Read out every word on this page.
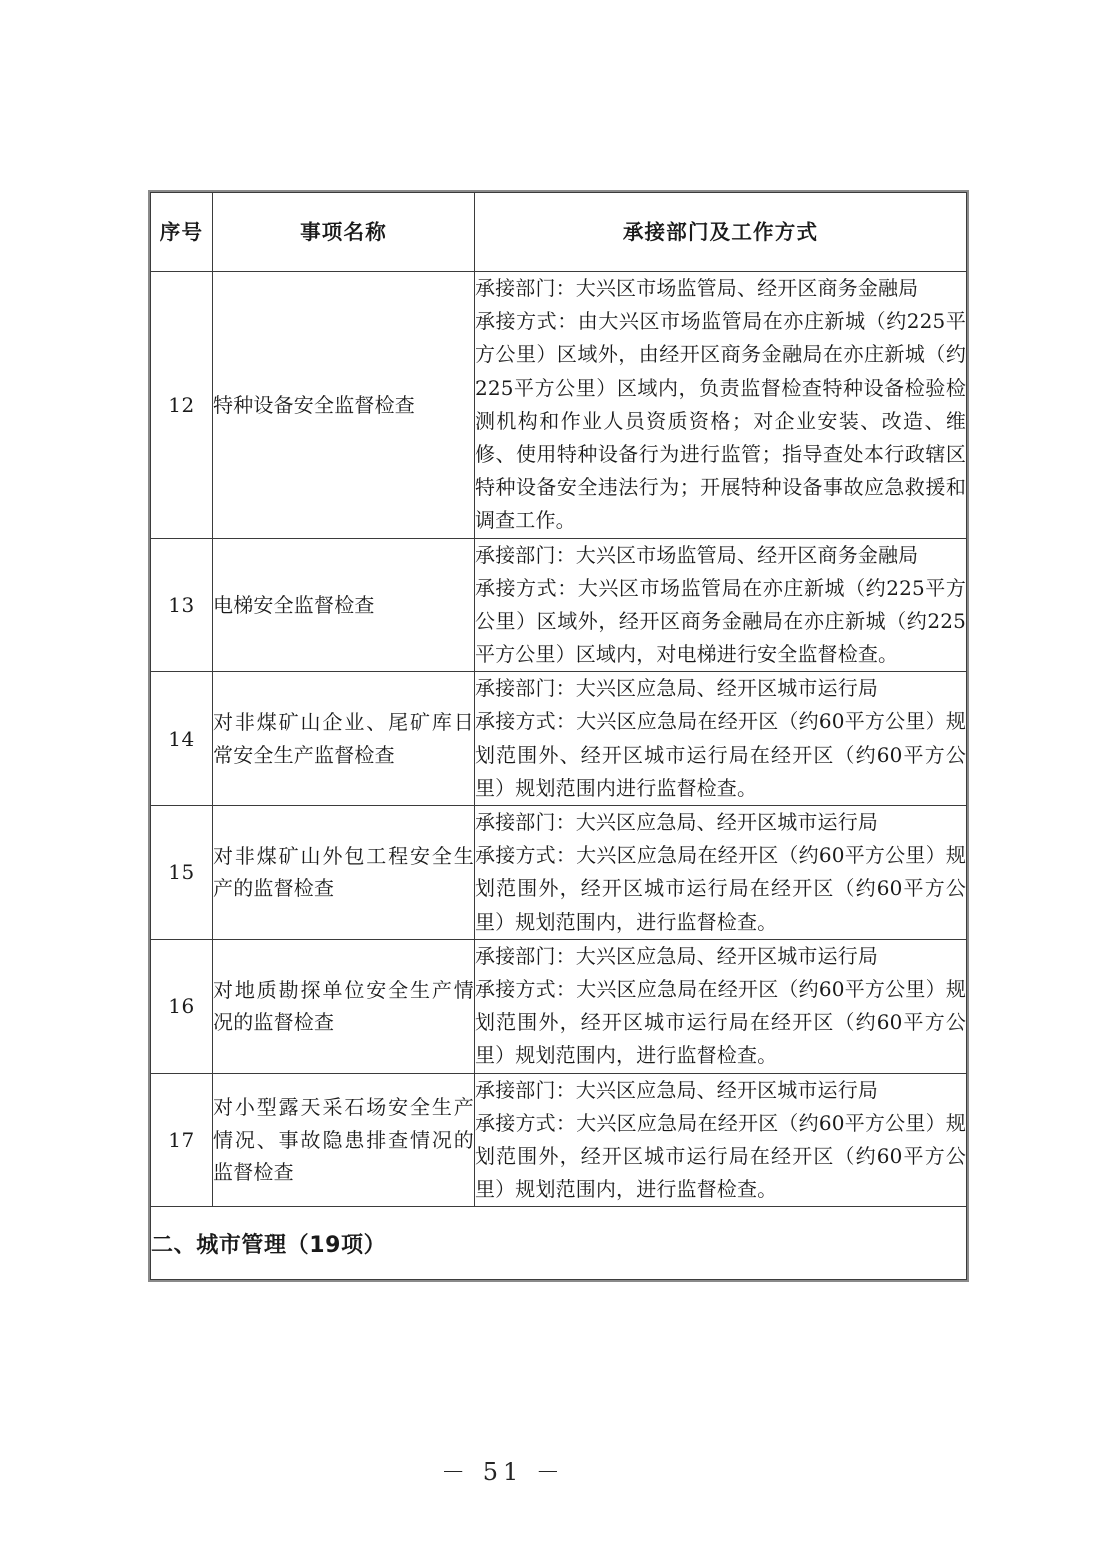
序号	事项名称	承接部门及工作方式
12	特种设备安全监督检查	承接部门：大兴区市场监管局、经开区商务金融局
承接方式：由大兴区市场监管局在亦庄新城（约225平方公里）区域外，由经开区商务金融局在亦庄新城（约225平方公里）区域内，负责监督检查特种设备检验检测机构和作业人员资质资格；对企业安装、改造、维修、使用特种设备行为进行监管；指导查处本行政辖区特种设备安全违法行为；开展特种设备事故应急救援和调查工作。

13	电梯安全监督检查	承接部门：大兴区市场监管局、经开区商务金融局
承接方式：大兴区市场监管局在亦庄新城（约225平方公里）区域外，经开区商务金融局在亦庄新城（约225平方公里）区域内，对电梯进行安全监督检查。

14	对非煤矿山企业、尾矿库日常安全生产监督检查	承接部门：大兴区应急局、经开区城市运行局
承接方式：大兴区应急局在经开区（约60平方公里）规划范围外、经开区城市运行局在经开区（约60平方公里）规划范围内进行监督检查。

15	对非煤矿山外包工程安全生产的监督检查	承接部门：大兴区应急局、经开区城市运行局
承接方式：大兴区应急局在经开区（约60平方公里）规划范围外，经开区城市运行局在经开区（约60平方公里）规划范围内，进行监督检查。

16	对地质勘探单位安全生产情况的监督检查	承接部门：大兴区应急局、经开区城市运行局
承接方式：大兴区应急局在经开区（约60平方公里）规划范围外，经开区城市运行局在经开区（约60平方公里）规划范围内，进行监督检查。

17	对小型露天采石场安全生产情况、事故隐患排查情况的监督检查	承接部门：大兴区应急局、经开区城市运行局
承接方式：大兴区应急局在经开区（约60平方公里）规划范围外，经开区城市运行局在经开区（约60平方公里）规划范围内，进行监督检查。

二、城市管理（19项）		
－ 51 －
